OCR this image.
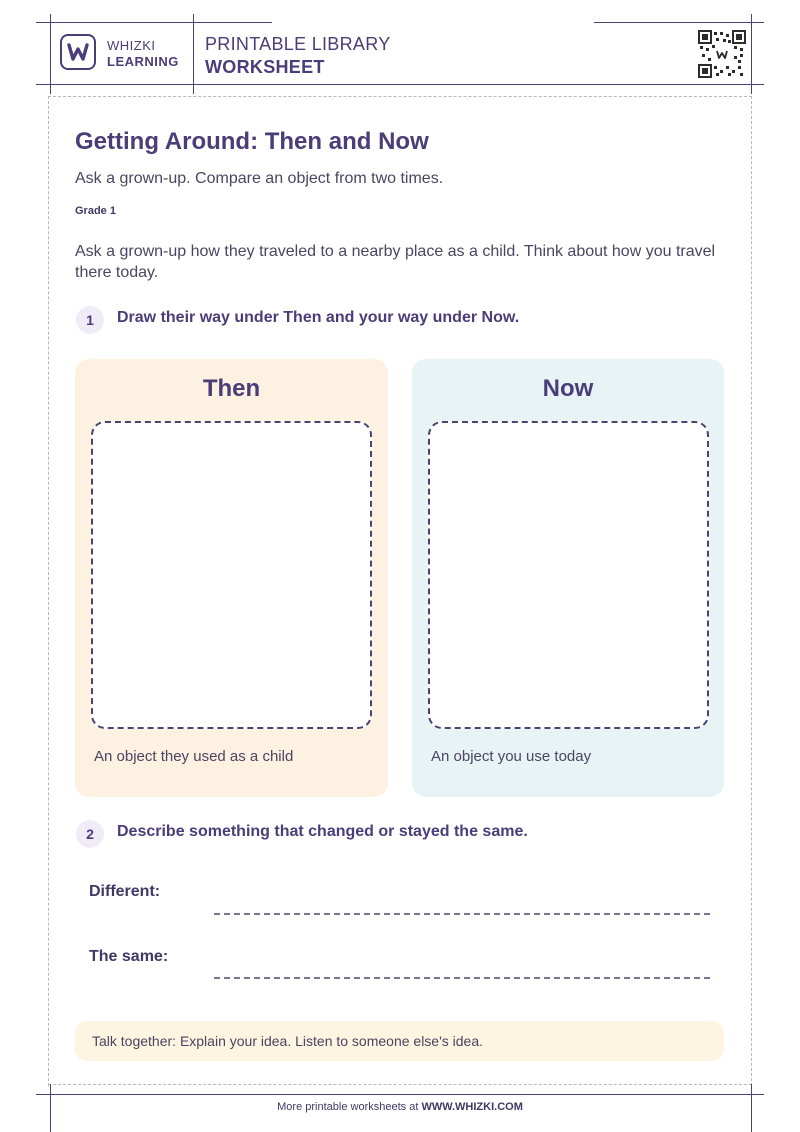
WHIZKI
LEARNING
PRINTABLE LIBRARY
WORKSHEET
Getting Around: Then and Now
Ask a grown-up. Compare an object from two times.
Grade 1
Ask a grown-up how they traveled to a nearby place as a child. Think about how you travel there today.
1	Draw their way under Then and your way under Now.
Then
An object they used as a child
Now
An object you use today
2	Describe something that changed or stayed the same.
Different:
The same:
Talk together: Explain your idea. Listen to someone else's idea.
More printable worksheets at WWW.WHIZKI.COM
